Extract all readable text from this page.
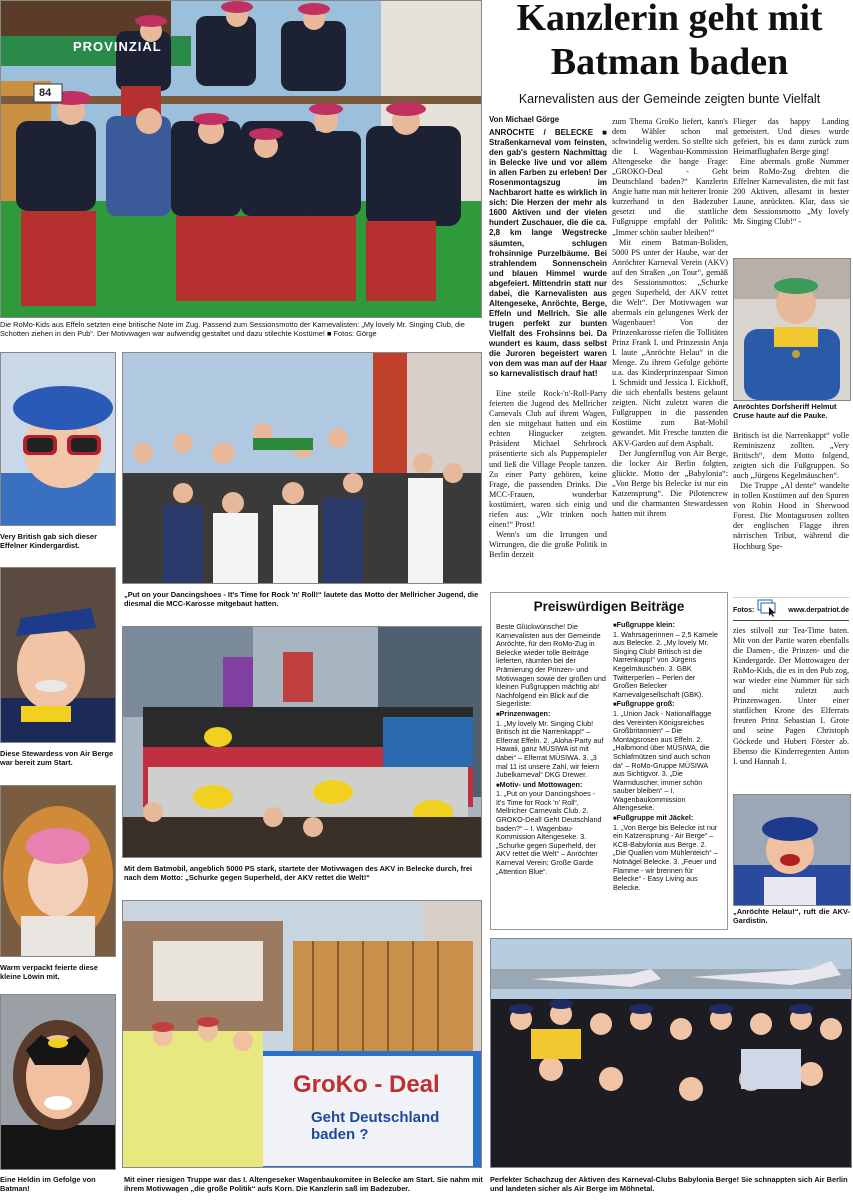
PROVINZIAL
84
Die RoMo-Kids aus Effeln setzten eine britische Note im Zug. Passend zum Sessionsmotto der Karnevalisten: „My lovely Mr. Singing Club, die Schotten ziehen in den Pub“. Der Motivwagen war aufwendig gestaltet und dazu stilechte Kostüme! ■ Fotos: Görge
Kanzlerin geht mit
Batman baden
Karnevalisten aus der Gemeinde zeigten bunte Vielfalt
Von Michael Görge

ANRÖCHTE / BELECKE ■ Straßenkarneval vom feinsten, den gab's gestern Nachmittag in Belecke live und vor allem in allen Farben zu erleben! Der Rosenmontagszug im Nachbarort hatte es wirklich in sich: Die Herzen der mehr als 1600 Aktiven und der vielen hundert Zuschauer, die die ca. 2,8 km lange Wegstrecke säumten, schlugen frohsinnige Purzelbäume. Bei strahlendem Sonnenschein und blauen Himmel wurde abgefeiert. Mittendrin statt nur dabei, die Karnevalisten aus Altengeseke, Anröchte, Berge, Effeln und Mellrich. Sie alle trugen perfekt zur bunten Vielfalt des Frohsinns bei. Da wundert es kaum, dass selbst die Juroren begeistert waren von dem was man auf der Haar so karnevalistisch drauf hat!

Eine steile Rock-'n'-Roll-Party feierten die Jugend des Mellricher Carnevals Club auf ihrem Wagen, den sie mitgebaut hatten und ein echten Hingucker zeigten. Präsident Michael Sehrbrock präsentierte sich als Puppenspieler und ließ die Village People tanzen. Zu einer Party gehören, keine Frage, die passenden Drinks. Die MCC-Frauen, wunderbar kostümiert, waren sich einig und riefen aus: „Wir trinken noch einen!“ Prost!

Wenn's um die Irrungen und Wirrungen, die die große Politik in Berlin derzeit

zum Thema GroKo liefert, kann's dem Wähler schon mal schwindelig werden. So stellte sich die I. Wagenbau-Kommission Altengeseke die bange Frage: „GROKO-Deal - Geht Deutschland baden?“ Kanzlerin Angie hatte man mit heiterer Ironie kurzerhand in den Badezuber gesetzt und die stattliche Fußgruppe empfahl der Politik: „Immer schön sauber bleiben!“

Mit einem Batman-Boliden, 5000 PS unter der Haube, war der Anröchter Karneval Verein (AKV) auf den Straßen „on Tour“, gemäß des Sessionsmottos: „Schurke gegen Superheld, der AKV rettet die Welt“. Der Motivwagen war abermals ein gelungenes Werk der Wagenbauer! Von der Prinzenkarosse riefen die Tollitäten Prinz Frank I. und Prinzessin Anja I. laute „Anröchte Helau“ in die Menge. Zu ihrem Gefolge gehörte u.a. das Kinderprinzenpaar Simon I. Schmidt und Jessica I. Eickhoff, die sich ebenfalls bestens gelaunt zeigten. Nicht zuletzt waren die Fußgruppen in die passenden Kostüme zum Bat-Mobil gewandet. Mit Fresche tanzten die AKV-Garden auf dem Asphalt.

Der Jungfernflug von Air Berge, die locker Air Berlin folgten, glückte. Motto der „Babylonia“: „Von Berge bis Belecke ist nur ein Katzensprung“. Die Pilotencrew und die charmanten Stewardessen hatten mit ihrem

Flieger das happy Landing gemeistert. Und dieses wurde gefeiert, bis es dann zurück zum Heimatflughafen Berge ging!

Eine abermals große Nummer beim RoMo-Zug drehten die Effelner Karnevalisten, die mit fast 200 Aktiven, allesamt in bester Laune, anrückten. Klar, dass sie dem Sessionsmotto „My lovely Mr. Singing Club!“ -

Anröchtes Dorfsheriff Helmut Cruse haute auf die Pauke.

Britisch ist die Narrenkappt“ volle Reminiszenz zollten. „Very Britisch“, dem Motto folgend, zeigten sich die Fußgruppen. So auch „Jürgens Kegelmäuschen“.

Die Truppe „Al dente“ wandelte in tollen Kostümen auf den Spuren von Robin Hood in Sherwood Forest. Die Montagsrosen zollten der englischen Flagge ihren närrischen Tribut, während die Hochburg Spe-

Fotos:	www.derpatriot.de

zies stilvoll zur Tea-Time baten. Mit von der Partie waren ebenfalls die Damen-, die Prinzen- und die Kindergarde. Der Mottowagen der RoMo-Kids, die es in den Pub zog, war wieder eine Nummer für sich und nicht zuletzt auch Prinzenwagen. Unter einer stattlichen Krone des Elferrats freuten Prinz Sebastian I. Grote und seine Pagen Christoph Göckede und Hubert Förster ab. Ebenso die Kinderregenten Anton I. und Hannah I.

„Anröchte Helau!“, ruft die AKV-Gardistin.
Preiswürdigen Beiträge

Beste Glückwünsche! Die Karnevalisten aus der Gemeinde Anröchte, für den RoMo-Zug in Belecke wieder tolle Beiträge lieferten, räumten bei der Prämierung der Prinzen- und Motivwagen sowie der großen und kleinen Fußgruppen mächtig ab! Nachfolgend ein Blick auf die Siegerliste:

■ Prinzenwagen:

1. „My lovely Mr. Singing Club! Britisch ist die Narrenkapp!“ – Elferrat Effeln. 2. „Aloha-Party auf Hawaii, ganz MÜSIWA ist mit dabei“ – Elferrat MÜSIWA. 3. „3 mal 11 ist unsere Zahl, wir feiern Jubelkarneval“ DKG Drewer.

■ Motiv- und Mottowagen:

1. „Put on your Dancingshoes - It's Time for Rock 'n' Roll“, Mellricher Carnevals Club. 2. GROKO-Deal! Geht Deutschland baden?“ – I. Wagenbau-Kommission Altengeseke. 3. „Schurke gegen Superheld, der AKV rettet die Welt“ – Anröchter Karneval Verein; Große Garde „Attention Blue“.

■ Fußgruppe klein:

1. Wahrsagerinnen – 2,5 Kamele aus Belecke. 2. „My lovely Mr. Singing Club! Britisch ist die Narrenkapp!“ von Jürgens Kegelmäuschen. 3. GBK Twitterperlen – Perlen der Großen Belecker Karnevalgesellschaft (GBK).

■ Fußgruppe groß:

1. „Union Jack - Nationalflagge des Vereinten Königsreiches Großbritannien“ – Die Montagsrosen aus Effeln. 2. „Halbmond über MÜSIWA, die Schlafmützen sind auch schon da“ – RoMo-Gruppe MÜSIWA aus Sichtigvor. 3. „Die Warmduscher, immer schön sauber bleiben“ – I. Wagenbaukommission Altengeseke.

■ Fußgruppe mit Jäckel:

1. „Von Berge bis Belecke ist nur ein Katzensprung - Air Berge“ – KCB-Babylonia aus Berge. 2. „Die Quallen vom Mühlenteich“ – Notnägel Belecke. 3. „Feuer und Flamme - wir brennen für Belecke“ - Easy Living aus Belecke.

Very British gab sich dieser Effelner Kindergardist.
Diese Stewardess von Air Berge war bereit zum Start.
Warm verpackt feierte diese kleine Löwin mit.
Eine Heldin im Gefolge von Batman!
„Put on your Dancingshoes - It's Time for Rock 'n' Roll!“ lautete das Motto der Mellricher Jugend, die diesmal die MCC-Karosse mitgebaut hatten.
Mit dem Batmobil, angeblich 5000 PS stark, startete der Motivwagen des AKV in Belecke durch, frei nach dem Motto: „Schurke gegen Superheld, der AKV rettet die Welt!“
GroKo - Deal
Geht Deutschland baden ?
Mit einer riesigen Truppe war das I. Altengeseker Wagenbaukomitee in Belecke am Start. Sie nahm mit ihrem Motivwagen „die große Politik“ aufs Korn. Die Kanzlerin saß im Badezuber.
Perfekter Schachzug der Aktiven des Karneval-Clubs Babylonia Berge! Sie schnappten sich Air Berlin und landeten sicher als Air Berge im Möhnetal.
